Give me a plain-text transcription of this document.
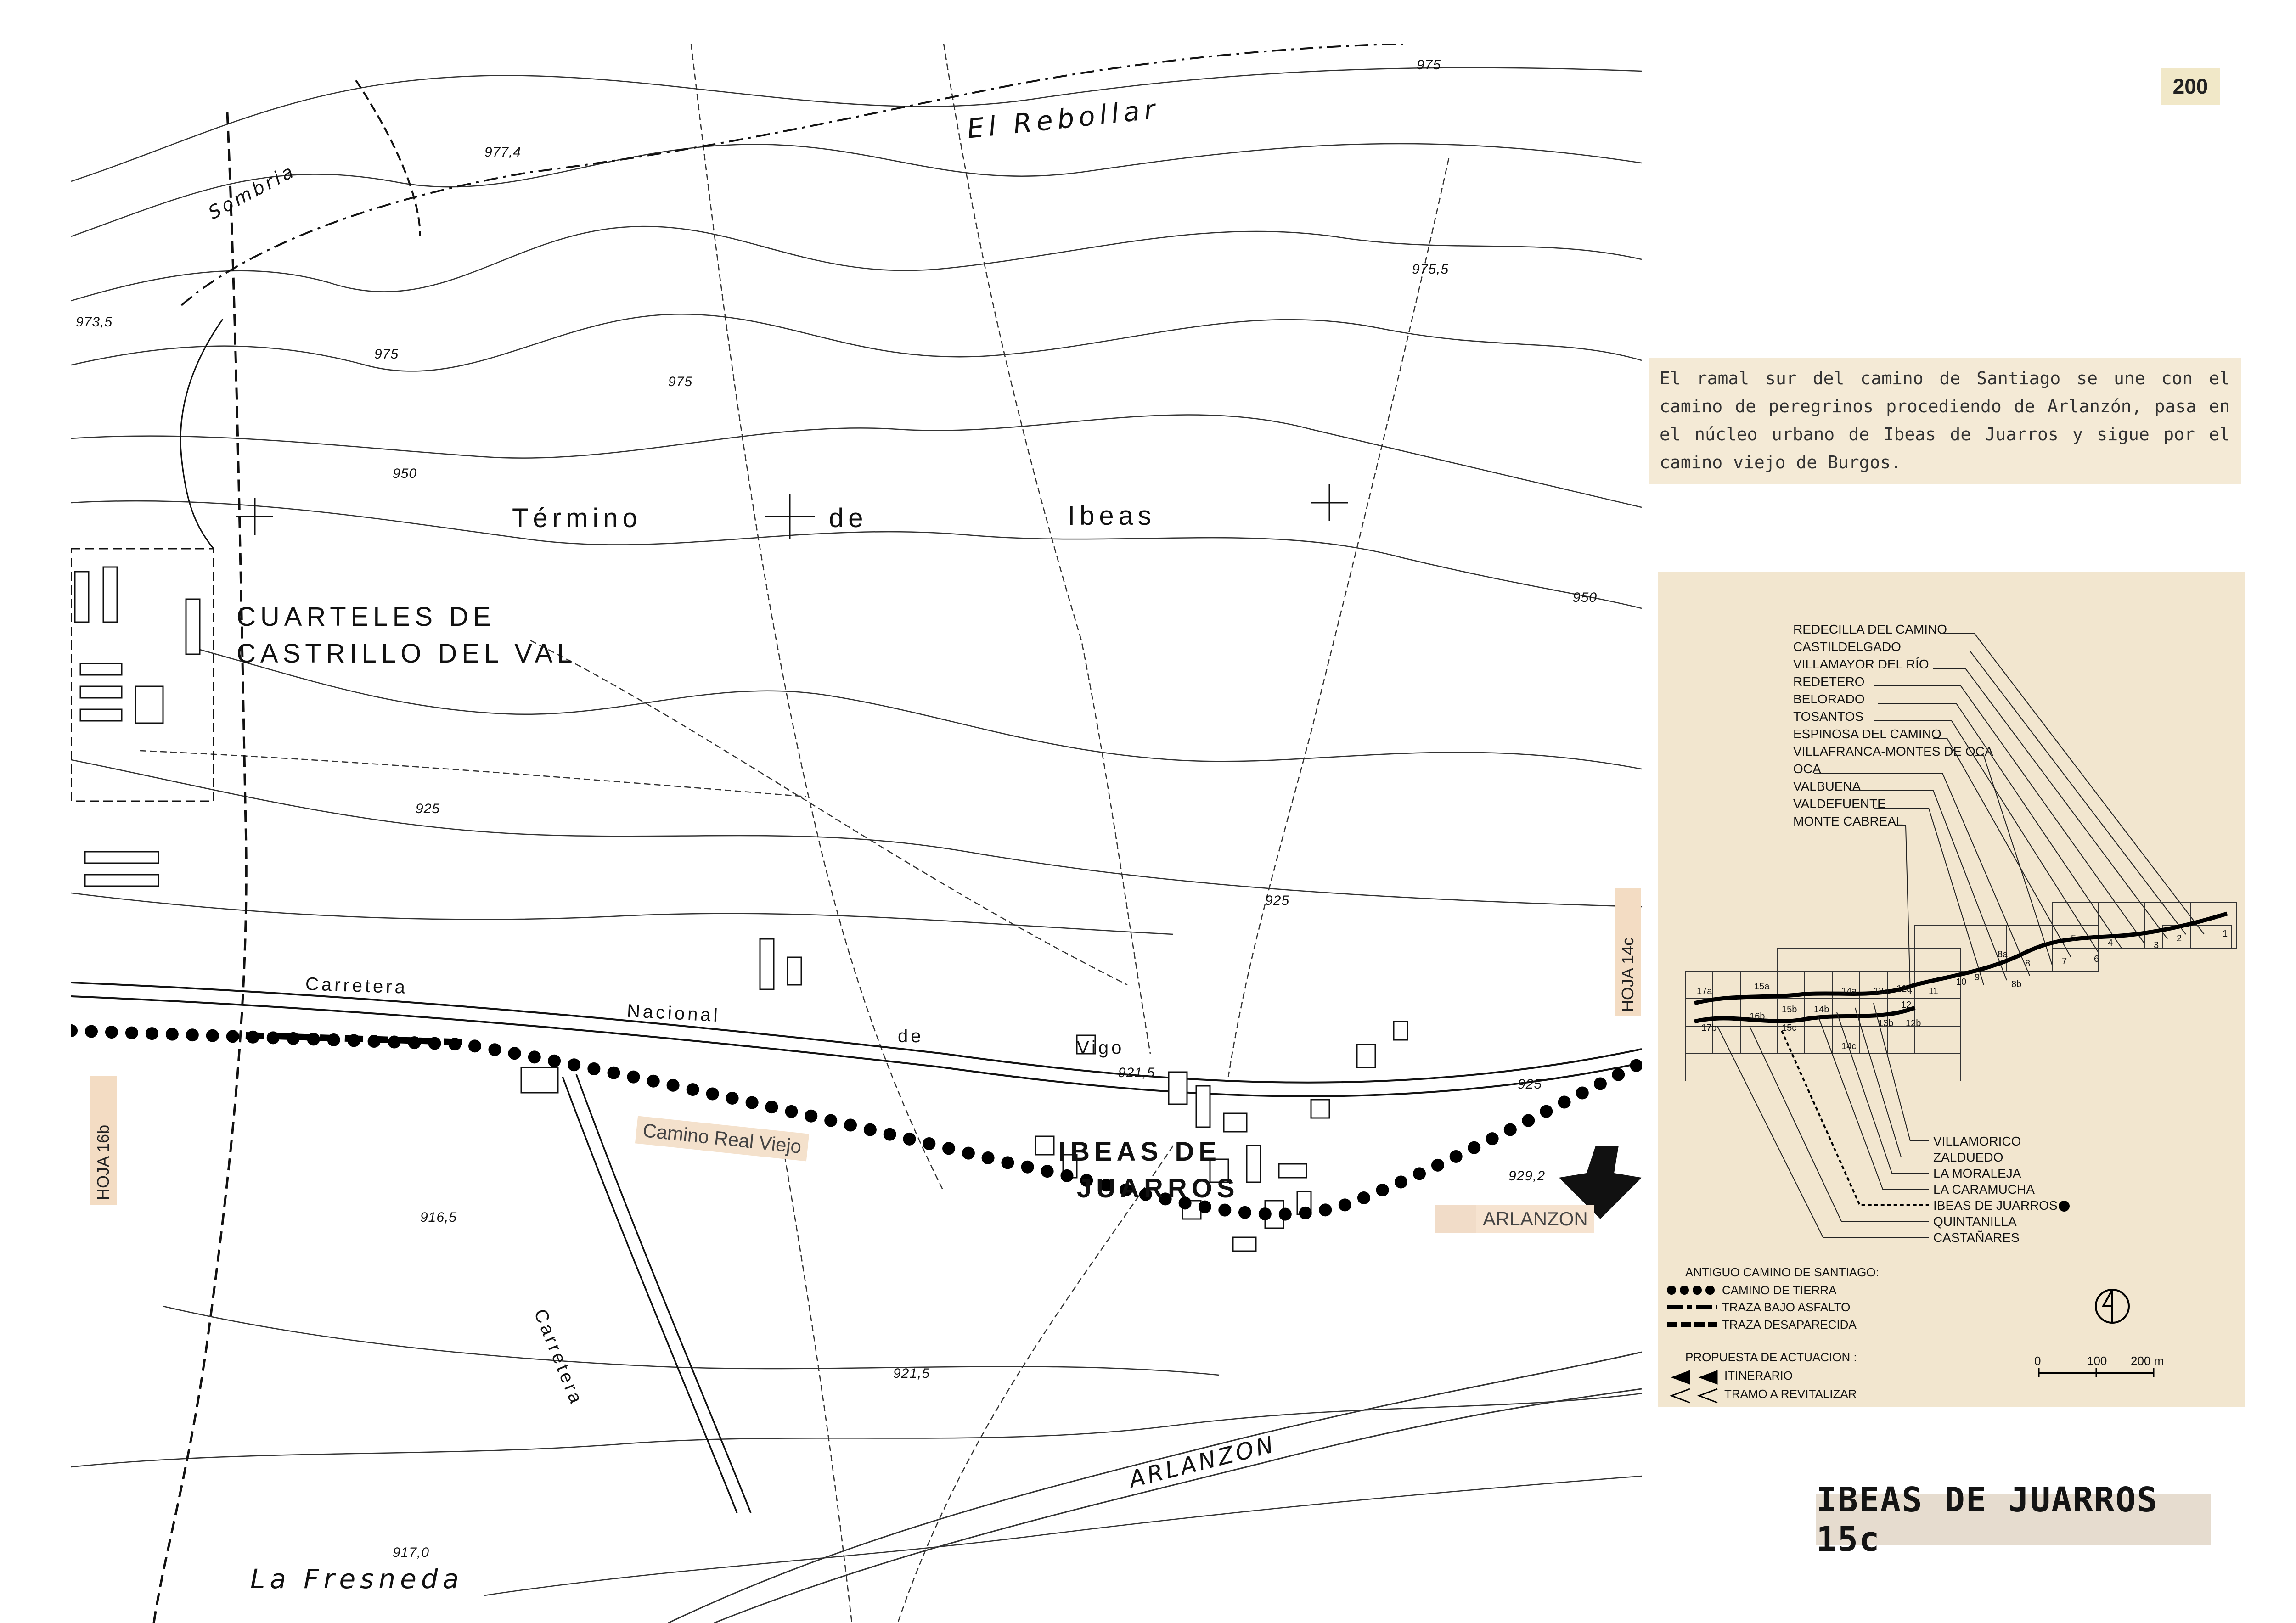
El Rebollar
Sombria
Término	de	Ibeas
CUARTELES DE
CASTRILLO DEL VAL
Carretera
Nacional
de
Vigo
Carretera
IBEAS DE
JUARROS
ARLANZON
La Fresneda
977,4
975
975,5
975
973,5
975
950
950
925
925
921,5
925
929,2
916,5
921,5
917,0
Camino Real Viejo
ARLANZON
HOJA 16b
HOJA 14c
200
El ramal sur del camino de Santiago se une con el camino de peregrinos procediendo de Arlanzón, pasa en el núcleo urbano de Ibeas de Juarros y sigue por el camino viejo de Burgos.
REDECILLA DEL CAMINO
CASTILDELGADO
VILLAMAYOR DEL RÍO
REDETERO
BELORADO
TOSANTOS
ESPINOSA DEL CAMINO
VILLAFRANCA-MONTES DE OCA
OCA
VALBUENA
VALDEFUENTE
MONTE CABREAL
1
2
3
4
5
6
7
8
8a
8b
9
10
11
12
12a
12b
13a
13b
14a
14b
14c
15a
15b
15c
16b
17a
17b
VILLAMORICO
ZALDUEDO
LA MORALEJA
LA CARAMUCHA
IBEAS DE JUARROS
QUINTANILLA
CASTAÑARES
ANTIGUO CAMINO DE SANTIAGO:
CAMINO DE TIERRA
TRAZA BAJO ASFALTO
TRAZA DESAPARECIDA
PROPUESTA DE ACTUACION :
ITINERARIO
TRAMO A REVITALIZAR
0	100 200 m
IBEAS DE JUARROS 15c
